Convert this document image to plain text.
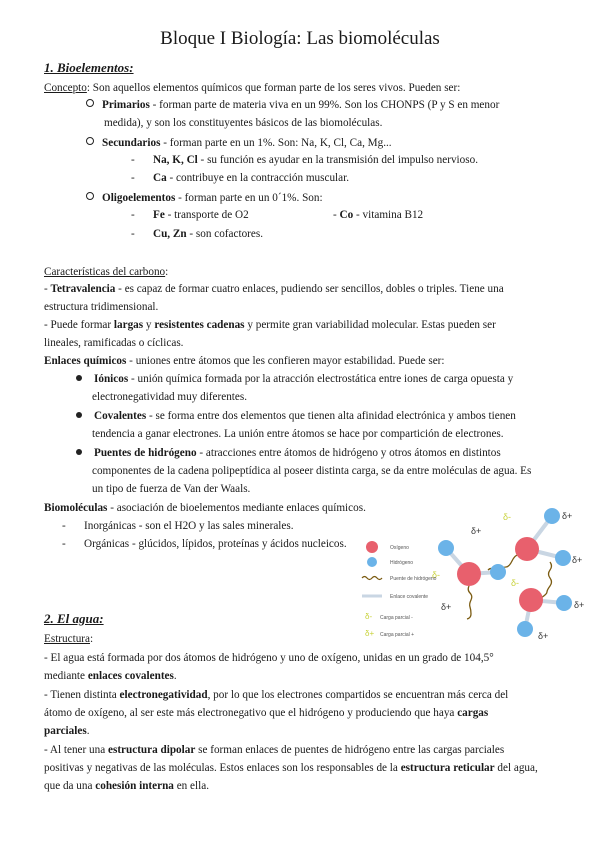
Bloque I Biología: Las biomoléculas
1. Bioelementos:
Concepto: Son aquellos elementos químicos que forman parte de los seres vivos. Pueden ser:
Primarios - forman parte de materia viva en un 99%. Son los CHONPS (P y S en menor
medida), y son los constituyentes básicos de las biomoléculas.
Secundarios - forman parte en un 1%. Son: Na, K, Cl, Ca, Mg...
- Na, K, Cl - su función es ayudar en la transmisión del impulso nervioso.
- Ca - contribuye en la contracción muscular.
Oligoelementos - forman parte en un 0´1%. Son:
- Fe - transporte de O2	- Co - vitamina B12
- Cu, Zn - son cofactores.
Características del carbono:
- Tetravalencia - es capaz de formar cuatro enlaces, pudiendo ser sencillos, dobles o triples. Tiene una
estructura tridimensional.
- Puede formar largas y resistentes cadenas y permite gran variabilidad molecular. Estas pueden ser
lineales, ramificadas o cíclicas.
Enlaces químicos - uniones entre átomos que les confieren mayor estabilidad. Puede ser:
Iónicos - unión química formada por la atracción electrostática entre iones de carga opuesta y
electronegatividad muy diferentes.
Covalentes - se forma entre dos elementos que tienen alta afinidad electrónica y ambos tienen
tendencia a ganar electrones. La unión entre átomos se hace por compartición de electrones.
Puentes de hidrógeno - atracciones entre átomos de hidrógeno y otros átomos en distintos
componentes de la cadena polipeptídica al poseer distinta carga, se da entre moléculas de agua. Es
un tipo de fuerza de Van der Waals.
Biomoléculas - asociación de bioelementos mediante enlaces químicos.
- Inorgánicas - son el H2O y las sales minerales.
- Orgánicas - glúcidos, lípidos, proteínas y ácidos nucleicos.
δ+
δ+
δ+
δ+	δ+
δ+
δ-
δ-
δ-
Oxígeno
Hidrógeno
Puente de hidrógeno
Enlace covalente
δ- Carga parcial -
δ+ Carga parcial +
2. El agua:
Estructura:
- El agua está formada por dos átomos de hidrógeno y uno de oxígeno, unidas en un grado de 104,5°
mediante enlaces covalentes.
- Tienen distinta electronegatividad, por lo que los electrones compartidos se encuentran más cerca del
átomo de oxígeno, al ser este más electronegativo que el hidrógeno y produciendo que haya cargas
parciales.
- Al tener una estructura dipolar se forman enlaces de puentes de hidrógeno entre las cargas parciales
positivas y negativas de las moléculas. Estos enlaces son los responsables de la estructura reticular del agua,
que da una cohesión interna en ella.
